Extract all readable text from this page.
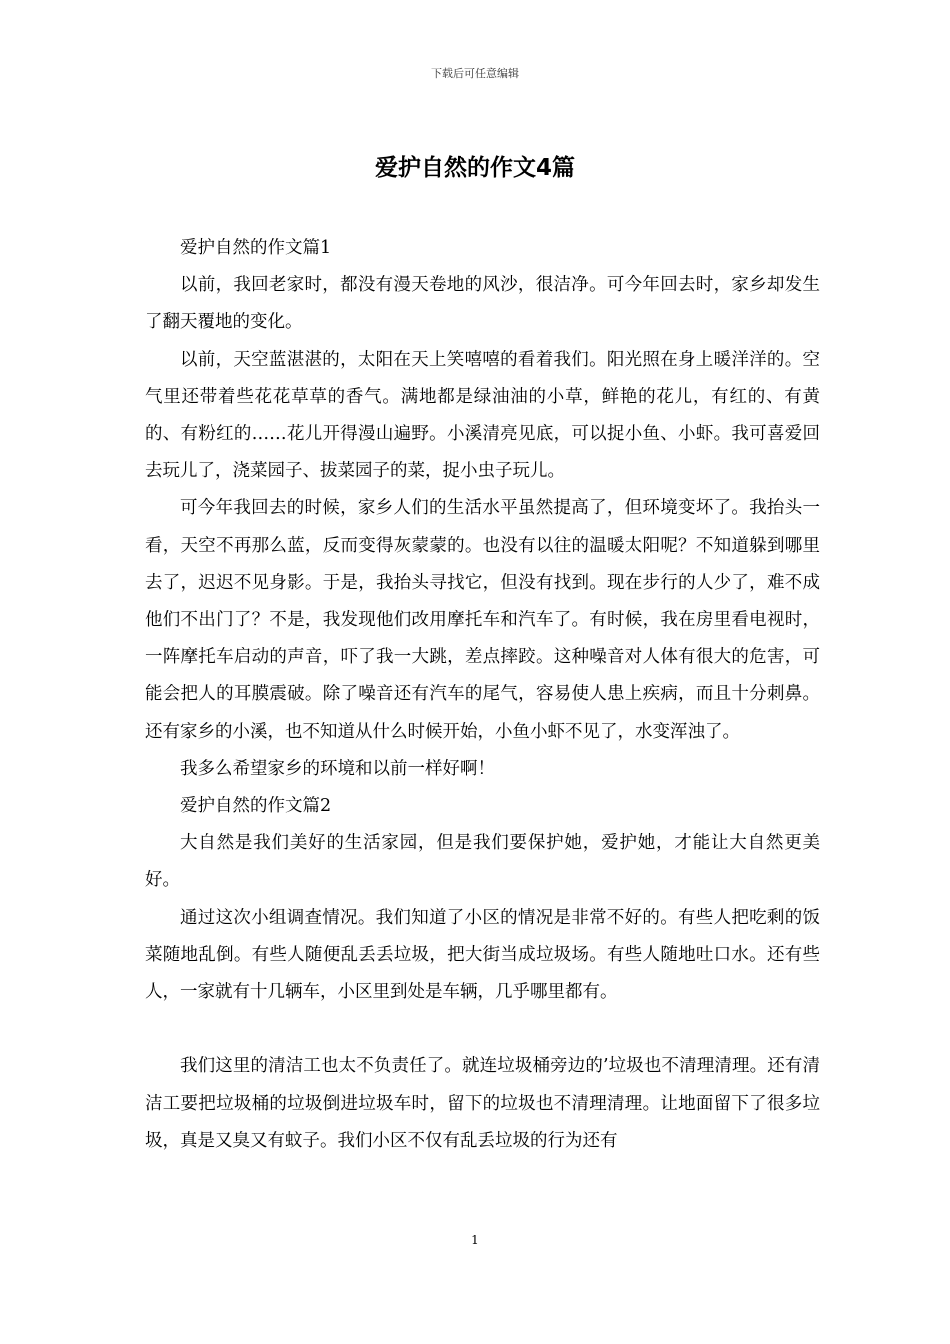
下载后可任意编辑
爱护自然的作文4篇

爱护自然的作文篇1

以前，我回老家时，都没有漫天卷地的风沙，很洁净。可今年回去时，家乡却发生了翻天覆地的变化。

以前，天空蓝湛湛的，太阳在天上笑嘻嘻的看着我们。阳光照在身上暖洋洋的。空气里还带着些花花草草的香气。满地都是绿油油的小草，鲜艳的花儿，有红的、有黄的、有粉红的……花儿开得漫山遍野。小溪清亮见底，可以捉小鱼、小虾。我可喜爱回去玩儿了，浇菜园子、拔菜园子的菜，捉小虫子玩儿。

可今年我回去的时候，家乡人们的生活水平虽然提高了，但环境变坏了。我抬头一看，天空不再那么蓝，反而变得灰蒙蒙的。也没有以往的温暖太阳呢？不知道躲到哪里去了，迟迟不见身影。于是，我抬头寻找它，但没有找到。现在步行的人少了，难不成他们不出门了？不是，我发现他们改用摩托车和汽车了。有时候，我在房里看电视时，一阵摩托车启动的声音，吓了我一大跳，差点摔跤。这种噪音对人体有很大的危害，可能会把人的耳膜震破。除了噪音还有汽车的尾气，容易使人患上疾病，而且十分刺鼻。还有家乡的小溪，也不知道从什么时候开始，小鱼小虾不见了，水变浑浊了。

我多么希望家乡的环境和以前一样好啊！

爱护自然的作文篇2

大自然是我们美好的生活家园，但是我们要保护她，爱护她，才能让大自然更美好。

通过这次小组调查情况。我们知道了小区的情况是非常不好的。有些人把吃剩的饭菜随地乱倒。有些人随便乱丢丢垃圾，把大街当成垃圾场。有些人随地吐口水。还有些人，一家就有十几辆车，小区里到处是车辆，几乎哪里都有。

我们这里的清洁工也太不负责任了。就连垃圾桶旁边的’垃圾也不清理清理。还有清洁工要把垃圾桶的垃圾倒进垃圾车时，留下的垃圾也不清理清理。让地面留下了很多垃圾，真是又臭又有蚊子。我们小区不仅有乱丢垃圾的行为还有

1
